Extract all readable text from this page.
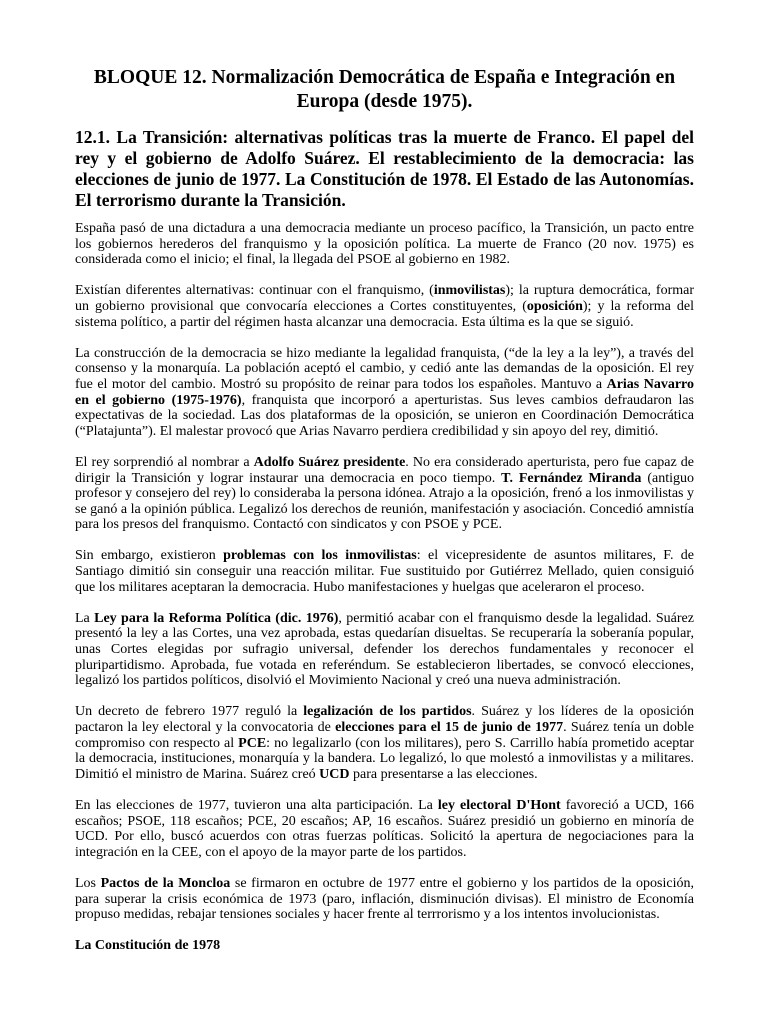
BLOQUE 12. Normalización Democrática de España e Integración en Europa (desde 1975).
12.1. La Transición: alternativas políticas tras la muerte de Franco. El papel del rey y el gobierno de Adolfo Suárez. El restablecimiento de la democracia: las elecciones de junio de 1977. La Constitución de 1978. El Estado de las Autonomías. El terrorismo durante la Transición.

España pasó de una dictadura a una democracia mediante un proceso pacífico, la Transición, un pacto entre los gobiernos herederos del franquismo y la oposición política. La muerte de Franco (20 nov. 1975) es considerada como el inicio; el final, la llegada del PSOE al gobierno en 1982.

Existían diferentes alternativas: continuar con el franquismo, (inmovilistas); la ruptura democrática, formar un gobierno provisional que convocaría elecciones a Cortes constituyentes, (oposición); y la reforma del sistema político, a partir del régimen hasta alcanzar una democracia. Esta última es la que se siguió.

La construcción de la democracia se hizo mediante la legalidad franquista, (“de la ley a la ley”), a través del consenso y la monarquía. La población aceptó el cambio, y cedió ante las demandas de la oposición. El rey fue el motor del cambio. Mostró su propósito de reinar para todos los españoles. Mantuvo a Arias Navarro en el gobierno (1975-1976), franquista que incorporó a aperturistas. Sus leves cambios defraudaron las expectativas de la sociedad. Las dos plataformas de la oposición, se unieron en Coordinación Democrática (“Platajunta”). El malestar provocó que Arias Navarro perdiera credibilidad y sin apoyo del rey, dimitió.

El rey sorprendió al nombrar a Adolfo Suárez presidente. No era considerado aperturista, pero fue capaz de dirigir la Transición y lograr instaurar una democracia en poco tiempo. T. Fernández Miranda (antiguo profesor y consejero del rey) lo consideraba la persona idónea. Atrajo a la oposición, frenó a los inmovilistas y se ganó a la opinión pública. Legalizó los derechos de reunión, manifestación y asociación. Concedió amnistía para los presos del franquismo. Contactó con sindicatos y con PSOE y PCE.

Sin embargo, existieron problemas con los inmovilistas: el vicepresidente de asuntos militares, F. de Santiago dimitió sin conseguir una reacción militar. Fue sustituido por Gutiérrez Mellado, quien consiguió que los militares aceptaran la democracia. Hubo manifestaciones y huelgas que aceleraron el proceso.

La Ley para la Reforma Política (dic. 1976), permitió acabar con el franquismo desde la legalidad. Suárez presentó la ley a las Cortes, una vez aprobada, estas quedarían disueltas. Se recuperaría la soberanía popular, unas Cortes elegidas por sufragio universal, defender los derechos fundamentales y reconocer el pluripartidismo. Aprobada, fue votada en referéndum. Se establecieron libertades, se convocó elecciones, legalizó los partidos políticos, disolvió el Movimiento Nacional y creó una nueva administración.

Un decreto de febrero 1977 reguló la legalización de los partidos. Suárez y los líderes de la oposición pactaron la ley electoral y la convocatoria de elecciones para el 15 de junio de 1977. Suárez tenía un doble compromiso con respecto al PCE: no legalizarlo (con los militares), pero S. Carrillo había prometido aceptar la democracia, instituciones, monarquía y la bandera. Lo legalizó, lo que molestó a inmovilistas y a militares. Dimitió el ministro de Marina. Suárez creó UCD para presentarse a las elecciones.

En las elecciones de 1977, tuvieron una alta participación. La ley electoral D'Hont favoreció a UCD, 166 escaños; PSOE, 118 escaños; PCE, 20 escaños; AP, 16 escaños. Suárez presidió un gobierno en minoría de UCD. Por ello, buscó acuerdos con otras fuerzas políticas. Solicitó la apertura de negociaciones para la integración en la CEE, con el apoyo de la mayor parte de los partidos.

Los Pactos de la Moncloa se firmaron en octubre de 1977 entre el gobierno y los partidos de la oposición, para superar la crisis económica de 1973 (paro, inflación, disminución divisas). El ministro de Economía propuso medidas, rebajar tensiones sociales y hacer frente al terrrorismo y a los intentos involucionistas.

La Constitución de 1978
